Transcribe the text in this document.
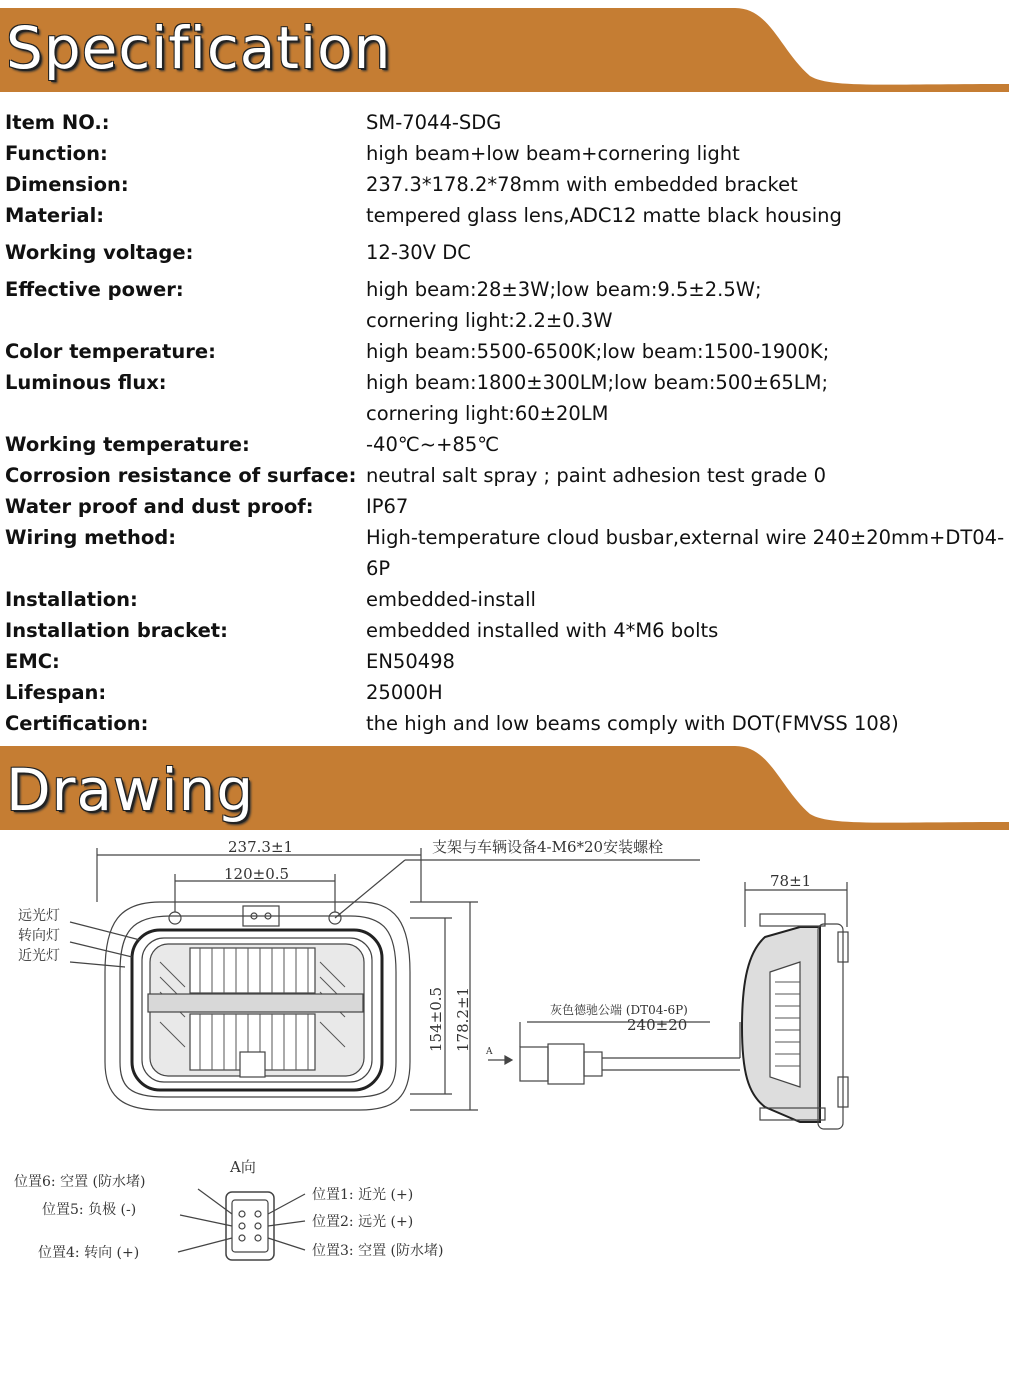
Specification
Item NO.:	SM-7044-SDG
Function:	high beam+low beam+cornering light
Dimension:	237.3*178.2*78mm with embedded bracket
Material:	tempered glass lens,ADC12 matte black housing
Working voltage:	12-30V DC
Effective power:	high beam:28±3W;low beam:9.5±2.5W;
cornering light:2.2±0.3W
Color temperature:	high beam:5500-6500K;low beam:1500-1900K;
Luminous flux:	high beam:1800±300LM;low beam:500±65LM;
cornering light:60±20LM
Working temperature:	-40℃~+85℃
Corrosion resistance of surface: neutral salt spray ; paint adhesion test grade 0
Water proof and dust proof:	IP67
Wiring method:	High-temperature cloud busbar,external wire 240±20mm+DT04-
6P
Installation:	embedded-install
Installation bracket:	embedded installed with 4*M6 bolts
EMC:	EN50498
Lifespan:	25000H
Certification:	the high and low beams comply with DOT(FMVSS 108)
Drawing
237.3±1
120±0.5
支架与车辆设备4-M6*20安装螺栓
远光灯
转向灯
近光灯
154±0.5 178.2±1
78±1
灰色德驰公端 (DT04-6P)
240±20
A
A向
位置6: 空置 (防水堵)
位置5: 负极 (-)
位置4: 转向 (+)
位置1: 近光 (+)
位置2: 远光 (+)
位置3: 空置 (防水堵)
